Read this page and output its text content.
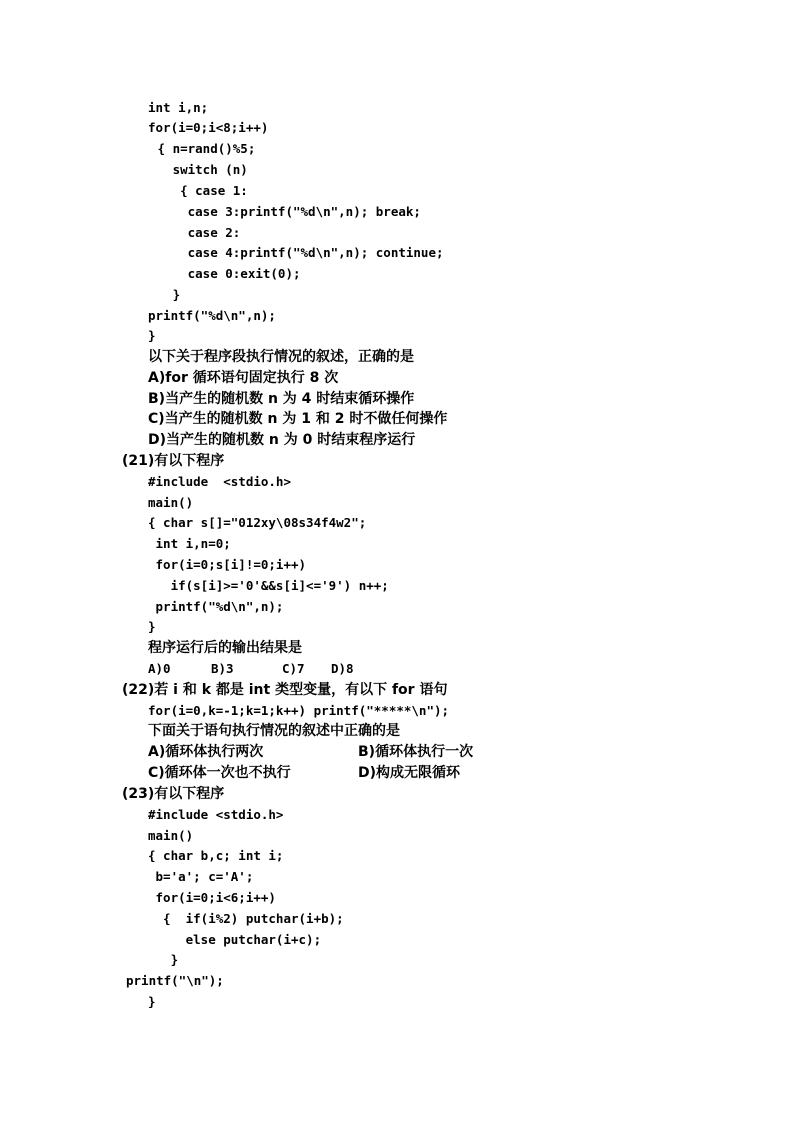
int i,n;
for(i=0;i<8;i++)
{ n=rand()%5;
switch (n)
{ case 1:
case 3:printf("%d\n",n); break;
case 2:
case 4:printf("%d\n",n); continue;
case 0:exit(0);
}
printf("%d\n",n);
}
以下关于程序段执行情况的叙述，正确的是
A)for 循环语句固定执行 8 次
B)当产生的随机数 n 为 4 时结束循环操作
C)当产生的随机数 n 为 1 和 2 时不做任何操作
D)当产生的随机数 n 为 0 时结束程序运行
(21)有以下程序
#include  <stdio.h>
main()
{ char s[]="012xy\08s34f4w2";
int i,n=0;
for(i=0;s[i]!=0;i++)
if(s[i]>='0'&&s[i]<='9') n++;
printf("%d\n",n);
}
程序运行后的输出结果是
A)0	B)3	C)7 D)8
(22)若 i 和 k 都是 int 类型变量，有以下 for 语句
for(i=0,k=-1;k=1;k++) printf("*****\n");
下面关于语句执行情况的叙述中正确的是
A)循环体执行两次	B)循环体执行一次
C)循环体一次也不执行	D)构成无限循环
(23)有以下程序
#include <stdio.h>
main()
{ char b,c; int i;
b='a'; c='A';
for(i=0;i<6;i++)
{  if(i%2) putchar(i+b);
else putchar(i+c);
}
printf("\n");
}
